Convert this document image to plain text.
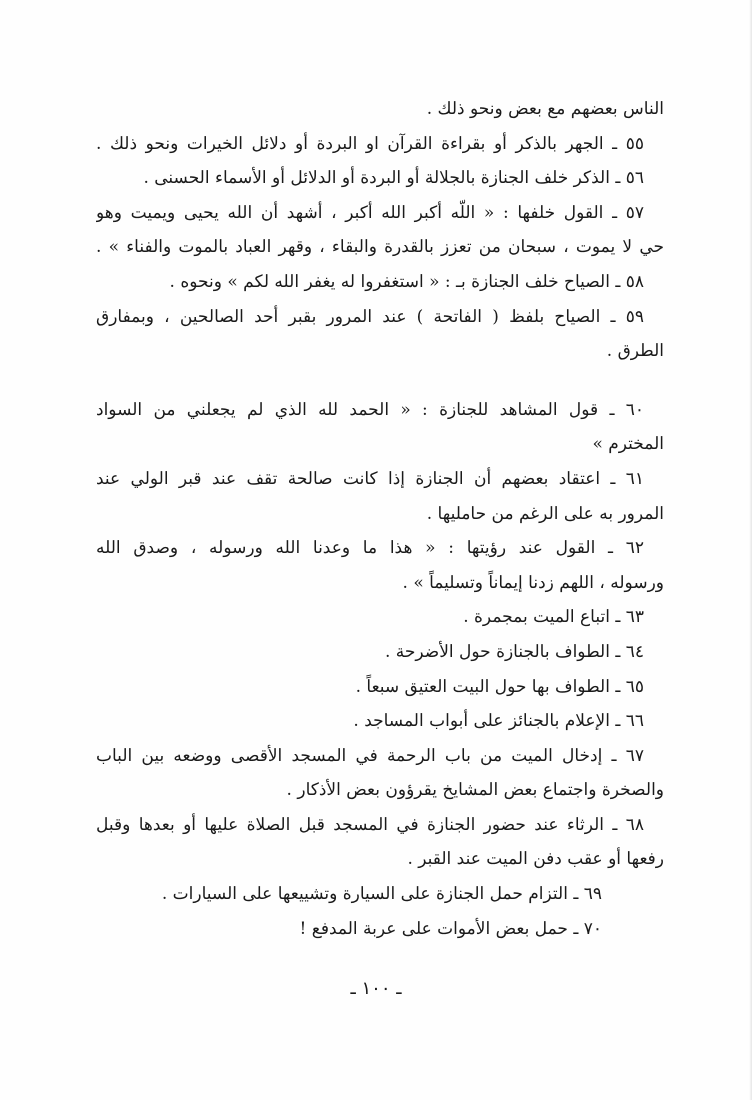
الناس بعضهم مع بعض ونحو ذلك .
٥٥ ـ الجهر بالذكر أو بقراءة القرآن او البردة أو دلائل الخيرات ونحو ذلك .
٥٦ ـ الذكر خلف الجنازة بالجلالة أو البردة أو الدلائل أو الأسماء الحسنى .
٥٧ ـ القول خلفها : « اللّه أكبر الله أكبر ، أشهد أن الله يحيى ويميت وهو
حي لا يموت ، سبحان من تعزز بالقدرة والبقاء ، وقهر العباد بالموت والفناء » .
٥٨ ـ الصياح خلف الجنازة بـ : « استغفروا له يغفر الله لكم » ونحوه .
٥٩ ـ الصياح بلفظ ( الفاتحة ) عند المرور بقبر أحد الصالحين ، وبمفارق
الطرق .
٦٠ ـ قول المشاهد للجنازة : « الحمد لله الذي لم يجعلني من السواد
المخترم »
٦١ ـ اعتقاد بعضهم أن الجنازة إذا كانت صالحة تقف عند قبر الولي عند
المرور به على الرغم من حامليها .
٦٢ ـ القول عند رؤيتها : « هذا ما وعدنا الله ورسوله ، وصدق الله
ورسوله ، اللهم زدنا إيماناً وتسليماً » .
٦٣ ـ اتباع الميت بمجمرة .
٦٤ ـ الطواف بالجنازة حول الأضرحة .
٦٥ ـ الطواف بها حول البيت العتيق سبعاً .
٦٦ ـ الإعلام بالجنائز على أبواب المساجد .
٦٧ ـ إدخال الميت من باب الرحمة في المسجد الأقصى ووضعه بين الباب
والصخرة واجتماع بعض المشايخ يقرؤون بعض الأذكار .
٦٨ ـ الرثاء عند حضور الجنازة في المسجد قبل الصلاة عليها أو بعدها وقبل
رفعها أو عقب دفن الميت عند القبر .
٦٩ ـ التزام حمل الجنازة على السيارة وتشييعها على السيارات .
٧٠ ـ حمل بعض الأموات على عربة المدفع !
ـ ١٠٠ ـ
